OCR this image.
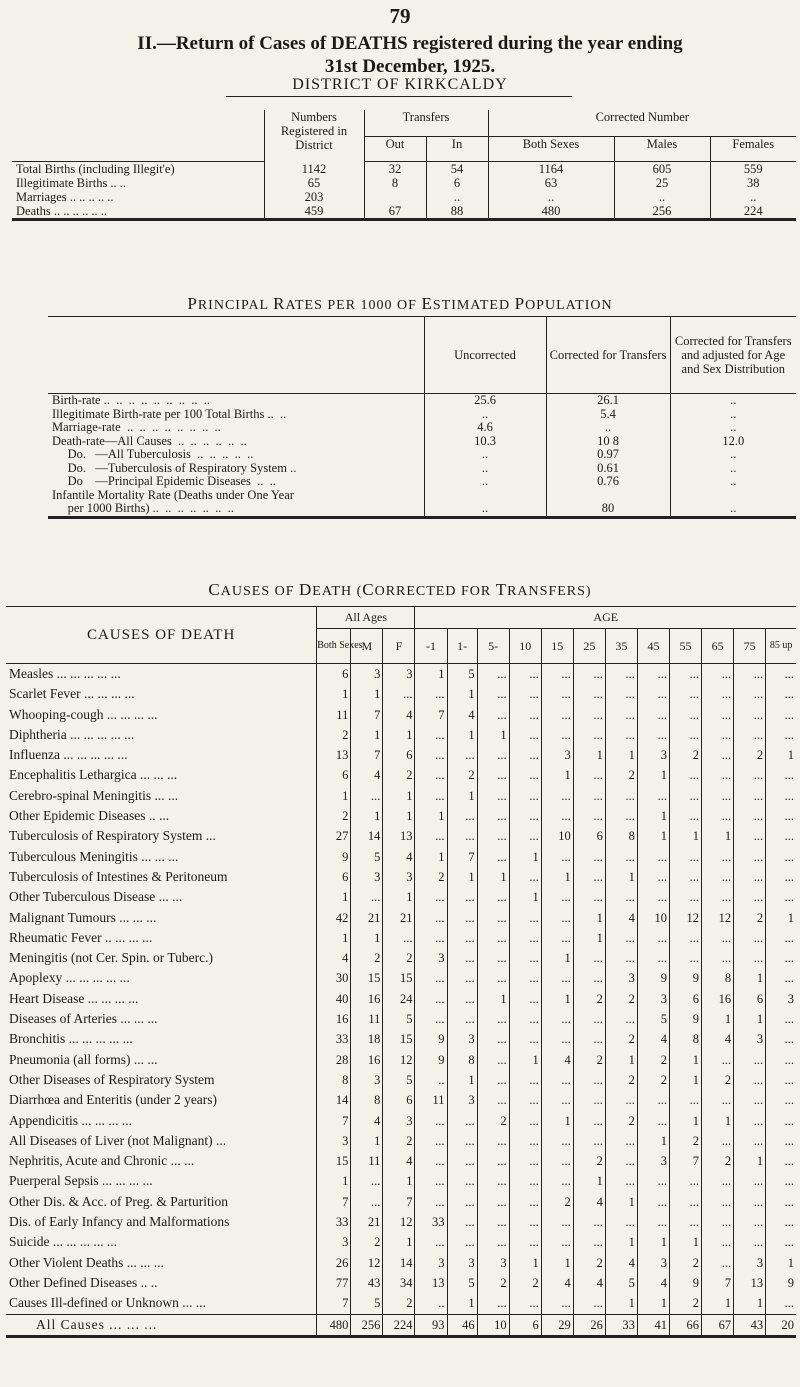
79
II.—Return of Cases of DEATHS registered during the year ending
31st December, 1925.
DISTRICT OF KIRKCALDY
	Numbers Registered in District	Transfers		Corrected Number		
		Out	In	Both Sexes	Males	Females
Total Births (including Illegit'e)	1142	32	54	1164	605	559
Illegitimate Births .. ..	65	8	6	63	25	38
Marriages .. .. .. .. ..	203		..	..	..	..
Deaths .. .. .. .. .. ..	459	67	88	480	256	224
PRINCIPAL RATES PER 1000 OF ESTIMATED POPULATION
	Uncorrected	Corrected for Transfers	Corrected for Transfers and adjusted for Age and Sex Distribution
Birth-rate ..  ..  ..  ..  ..  ..  ..  ..  ..	25.6	26.1	..
Illegitimate Birth-rate per 100 Total Births ..  ..	..	5.4	..
Marriage-rate  ..  ..  ..  ..  ..  ..  ..  ..	4.6	..	..
Death-rate—All Causes  ..  ..  ..  ..  ..  ..	10.3	10 8	12.0
Do.   —All Tuberculosis  ..  ..  ..  ..  ..	..	0.97	..
Do.   —Tuberculosis of Respiratory System ..	..	0.61	..
Do    —Principal Epidemic Diseases  ..  ..	..	0.76	..
Infantile Mortality Rate (Deaths under One Year			
per 1000 Births) ..  ..  ..  ..  ..  ..  ..	..	80	..
CAUSES OF DEATH (CORRECTED FOR TRANSFERS)
CAUSES OF DEATH	All Ages			AGE											
	Both Sexes	M	F	-1	1-	5-	10	15	25	35	45	55	65	75	85 up
Measles ... ... ... ... ...	6	3	3	1	5	...	...	...	...	...	...	...	...	...	...
Scarlet Fever ... ... ... ...	1	1	...	...	1	...	...	...	...	...	...	...	...	...	...
Whooping-cough ... ... ... ...	11	7	4	7	4	...	...	...	...	...	...	...	...	...	...
Diphtheria ... ... ... ... ...	2	1	1	...	1	1	...	...	...	...	...	...	...	...	...
Influenza ... ... ... ... ...	13	7	6	...	...	...	...	3	1	1	3	2	...	2	1
Encephalitis Lethargica ... ... ...	6	4	2	...	2	...	...	1	...	2	1	...	...	...	...
Cerebro-spinal Meningitis ... ...	1	...	1	...	1	...	...	...	...	...	...	...	...	...	...
Other Epidemic Diseases .. ...	2	1	1	1	...	...	...	...	...	...	1	...	...	...	...
Tuberculosis of Respiratory System ...	27	14	13	...	...	...	...	10	6	8	1	1	1	...	...
Tuberculous Meningitis ... ... ...	9	5	4	1	7	...	1	...	...	...	...	...	...	...	...
Tuberculosis of Intestines & Peritoneum	6	3	3	2	1	1	...	1	...	1	...	...	...	...	...
Other Tuberculous Disease ... ...	1	...	1	...	...	...	1	...	...	...	...	...	...	...	...
Malignant Tumours ... ... ...	42	21	21	...	...	...	...	...	1	4	10	12	12	2	1
Rheumatic Fever .. ... ... ...	1	1	...	...	...	...	...	...	1	...	...	...	...	...	...
Meningitis (not Cer. Spin. or Tuberc.)	4	2	2	3	...	...	...	1	...	...	...	...	...	...	...
Apoplexy ... ... ... ... ...	30	15	15	...	...	...	...	...	...	3	9	9	8	1	...
Heart Disease ... ... ... ...	40	16	24	...	...	1	...	1	2	2	3	6	16	6	3
Diseases of Arteries ... ... ...	16	11	5	...	...	...	...	...	...	...	5	9	1	1	...
Bronchitis ... ... ... ... ...	33	18	15	9	3	...	...	...	...	2	4	8	4	3	...
Pneumonia (all forms) ... ...	28	16	12	9	8	...	1	4	2	1	2	1	...	...	...
Other Diseases of Respiratory System	8	3	5	..	1	...	...	...	...	2	2	1	2	...	...
Diarrhœa and Enteritis (under 2 years)	14	8	6	11	3	...	...	...	...	...	...	...	...	...	...
Appendicitis ... ... ... ...	7	4	3	...	...	2	...	1	...	2	...	1	1	...	...
All Diseases of Liver (not Malignant) ...	3	1	2	...	...	...	...	...	...	...	1	2	...	...	...
Nephritis, Acute and Chronic ... ...	15	11	4	...	...	...	...	...	2	...	3	7	2	1	...
Puerperal Sepsis ... ... ... ...	1	...	1	...	...	...	...	...	1	...	...	...	...	...	...
Other Dis. & Acc. of Preg. & Parturition	7	...	7	...	...	...	...	2	4	1	...	...	...	...	...
Dis. of Early Infancy and Malformations	33	21	12	33	...	...	...	...	...	...	...	...	...	...	...
Suicide ... ... ... ... ...	3	2	1	...	...	...	...	...	...	1	1	1	...	...	...
Other Violent Deaths ... ... ...	26	12	14	3	3	3	1	1	2	4	3	2	...	3	1
Other Defined Diseases .. ..	77	43	34	13	5	2	2	4	4	5	4	9	7	13	9
Causes Ill-defined or Unknown ... ...	7	5	2	..	1	...	...	...	...	1	1	2	1	1	...
All Causes ... ... ...	480	256	224	93	46	10	6	29	26	33	41	66	67	43	20
